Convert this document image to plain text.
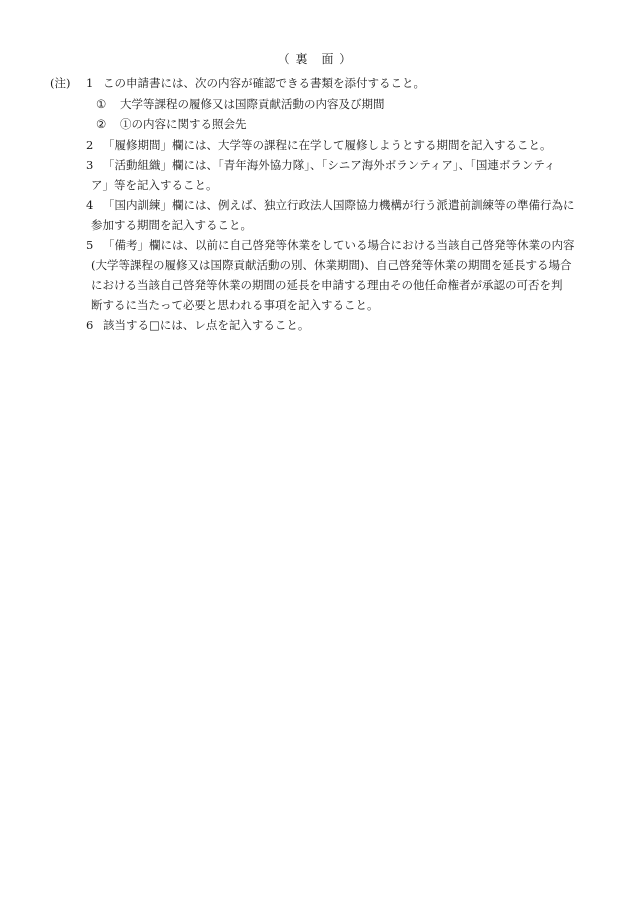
（ 裏　面 ）
(注) 1 この申請書には、次の内容が確認できる書類を添付すること。
① 大学等課程の履修又は国際貢献活動の内容及び期間
② ①の内容に関する照会先
2 「履修期間」欄には、大学等の課程に在学して履修しようとする期間を記入すること。
3 「活動組織」欄には、「青年海外協力隊」、「シニア海外ボランティア」、「国連ボランティ
ア」等を記入すること。
4 「国内訓練」欄には、例えば、独立行政法人国際協力機構が行う派遣前訓練等の準備行為に
参加する期間を記入すること。
5 「備考」欄には、以前に自己啓発等休業をしている場合における当該自己啓発等休業の内容
(大学等課程の履修又は国際貢献活動の別、休業期間)、自己啓発等休業の期間を延長する場合
における当該自己啓発等休業の期間の延長を申請する理由その他任命権者が承認の可否を判
断するに当たって必要と思われる事項を記入すること。
6 該当する□には、レ点を記入すること。
